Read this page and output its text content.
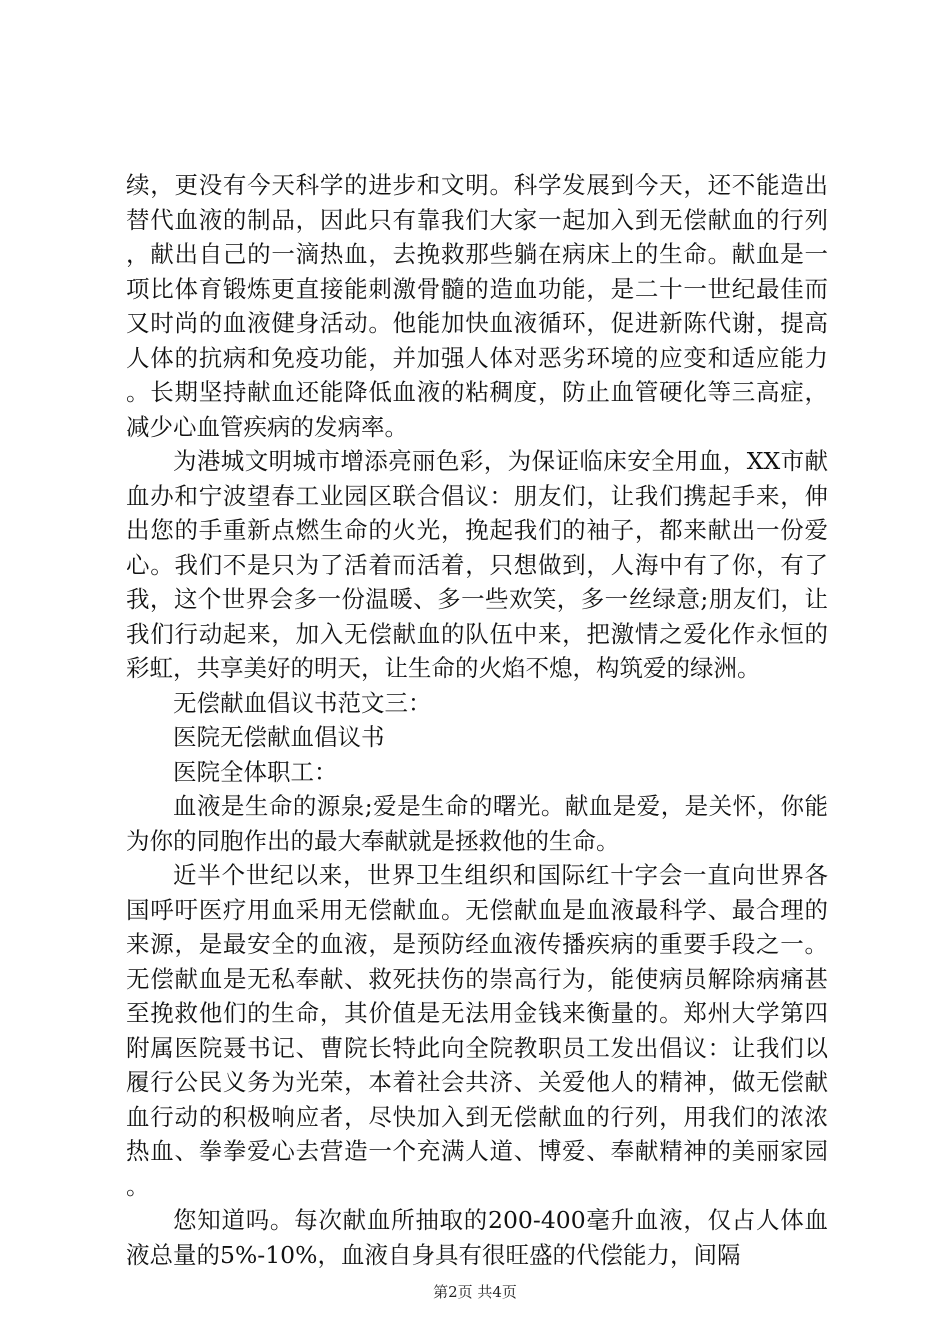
续，更没有今天科学的进步和文明。科学发展到今天，还不能造出替代血液的制品，因此只有靠我们大家一起加入到无偿献血的行列，献出自己的一滴热血，去挽救那些躺在病床上的生命。献血是一项比体育锻炼更直接能刺激骨髓的造血功能，是二十一世纪最佳而又时尚的血液健身活动。他能加快血液循环，促进新陈代谢，提高人体的抗病和免疫功能，并加强人体对恶劣环境的应变和适应能力。长期坚持献血还能降低血液的粘稠度，防止血管硬化等三高症，减少心血管疾病的发病率。

为港城文明城市增添亮丽色彩，为保证临床安全用血，XX市献血办和宁波望春工业园区联合倡议：朋友们，让我们携起手来，伸出您的手重新点燃生命的火光，挽起我们的袖子，都来献出一份爱心。我们不是只为了活着而活着，只想做到，人海中有了你，有了我，这个世界会多一份温暖、多一些欢笑，多一丝绿意;朋友们，让我们行动起来，加入无偿献血的队伍中来，把激情之爱化作永恒的彩虹，共享美好的明天，让生命的火焰不熄，构筑爱的绿洲。

无偿献血倡议书范文三：

医院无偿献血倡议书

医院全体职工：

血液是生命的源泉;爱是生命的曙光。献血是爱，是关怀，你能为你的同胞作出的最大奉献就是拯救他的生命。

近半个世纪以来，世界卫生组织和国际红十字会一直向世界各国呼吁医疗用血采用无偿献血。无偿献血是血液最科学、最合理的来源，是最安全的血液，是预防经血液传播疾病的重要手段之一。无偿献血是无私奉献、救死扶伤的崇高行为，能使病员解除病痛甚至挽救他们的生命，其价值是无法用金钱来衡量的。郑州大学第四附属医院聂书记、曹院长特此向全院教职员工发出倡议：让我们以履行公民义务为光荣，本着社会共济、关爱他人的精神，做无偿献血行动的积极响应者，尽快加入到无偿献血的行列，用我们的浓浓热血、拳拳爱心去营造一个充满人道、博爱、奉献精神的美丽家园。

您知道吗。每次献血所抽取的200-400毫升血液，仅占人体血液总量的5%-10%，血液自身具有很旺盛的代偿能力，间隔

第2页 共4页
